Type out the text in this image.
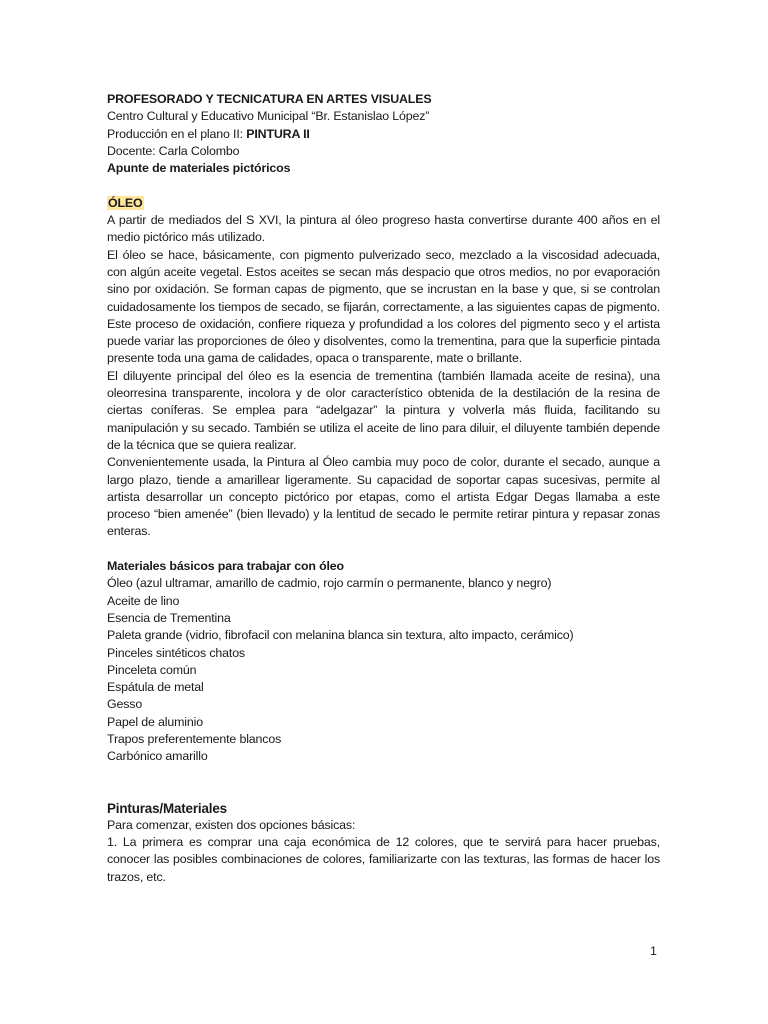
PROFESORADO Y TECNICATURA EN ARTES VISUALES
Centro Cultural y Educativo Municipal “Br. Estanislao López”
Producción en el plano II: PINTURA II
Docente: Carla Colombo
Apunte de materiales pictóricos
ÓLEO
A partir de mediados del S XVI, la pintura al óleo progreso hasta convertirse durante 400 años en el medio pictórico más utilizado.
El óleo se hace, básicamente, con pigmento pulverizado seco, mezclado a la viscosidad adecuada, con algún aceite vegetal. Estos aceites se secan más despacio que otros medios, no por evaporación sino por oxidación. Se forman capas de pigmento, que se incrustan en la base y que, si se controlan cuidadosamente los tiempos de secado, se fijarán, correctamente, a las siguientes capas de pigmento. Este proceso de oxidación, confiere riqueza y profundidad a los colores del pigmento seco y el artista puede variar las proporciones de óleo y disolventes, como la trementina, para que la superficie pintada presente toda una gama de calidades, opaca o transparente, mate o brillante.
El diluyente principal del óleo es la esencia de trementina (también llamada aceite de resina), una oleorresina transparente, incolora y de olor característico obtenida de la destilación de la resina de ciertas coníferas. Se emplea para “adelgazar” la pintura y volverla más fluida, facilitando su manipulación y su secado. También se utiliza el aceite de lino para diluir, el diluyente también depende de la técnica que se quiera realizar.
Convenientemente usada, la Pintura al Óleo cambia muy poco de color, durante el secado, aunque a largo plazo, tiende a amarillear ligeramente. Su capacidad de soportar capas sucesivas, permite al artista desarrollar un concepto pictórico por etapas, como el artista Edgar Degas llamaba a este proceso “bien amenée” (bien llevado) y la lentitud de secado le permite retirar pintura y repasar zonas enteras.
Materiales básicos para trabajar con óleo
Óleo (azul ultramar, amarillo de cadmio, rojo carmín o permanente, blanco y negro)
Aceite de lino
Esencia de Trementina
Paleta grande (vidrio, fibrofacil con melanina blanca sin textura, alto impacto, cerámico)
Pinceles sintéticos chatos
Pinceleta común
Espátula de metal
Gesso
Papel de aluminio
Trapos preferentemente blancos
Carbónico amarillo
Pinturas/Materiales
Para comenzar, existen dos opciones básicas:
1. La primera es comprar una caja económica de 12 colores, que te servirá para hacer pruebas, conocer las posibles combinaciones de colores, familiarizarte con las texturas, las formas de hacer los trazos, etc.
1
